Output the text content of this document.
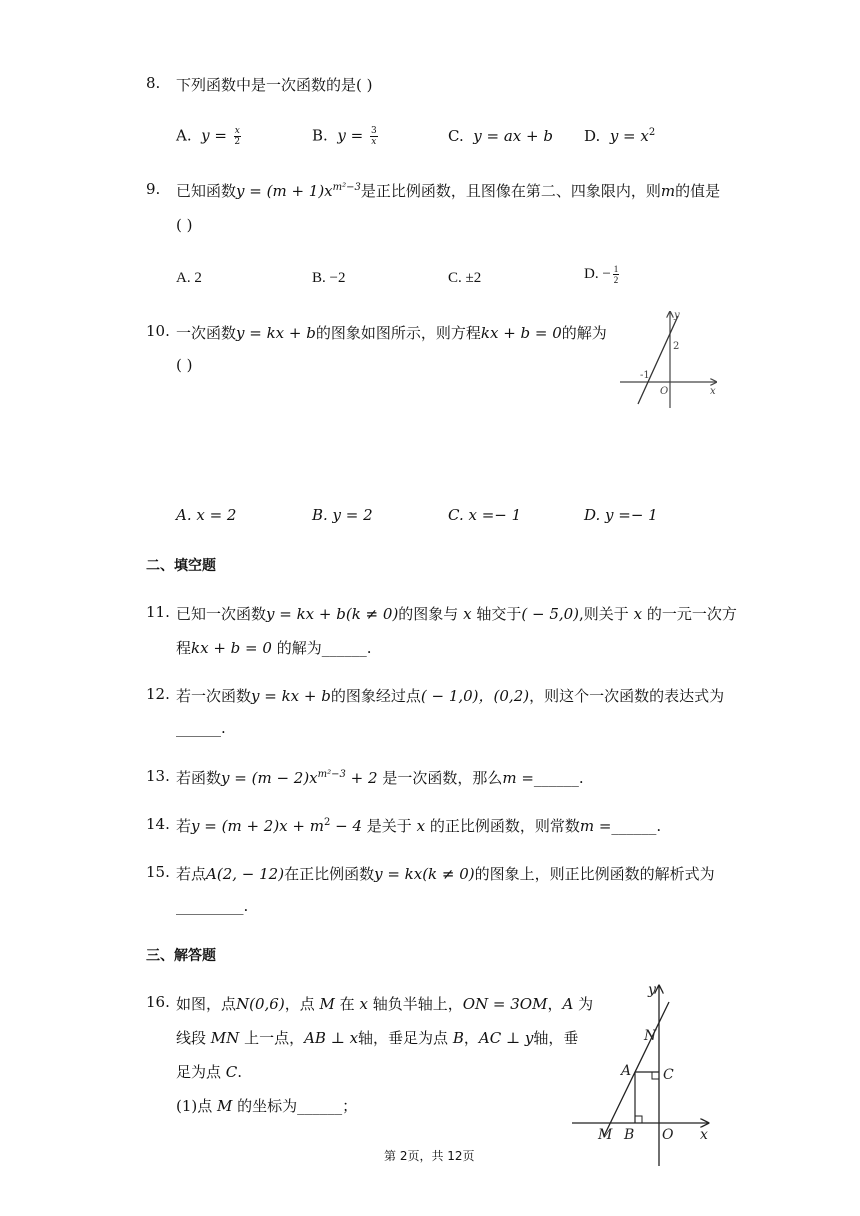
8. 下列函数中是一次函数的是( )
A. $y = \frac{x}{2}$	B. $y = \frac{3}{x}$	C. y = ax + b D. $y = x^2$
9. 已知函数$y = (m + 1)x^{m^2-3}$是正比例函数，且图像在第二、四象限内，则m的值是
( )
A. 2	B. −2	C. ±2	D. − $\frac{1}{2}$
10. 一次函数y = kx + b的图象如图所示，则方程kx + b = 0的解为
( )
y
x
O
2
-1
A. x = 2	B. y = 2	C. x =− 1	D. y =− 1
二、填空题
11. 已知一次函数y = kx + b(k ≠ 0)的图象与 x 轴交于( − 5,0),则关于 x 的一元一次方
程kx + b = 0 的解为______.
12. 若一次函数y = kx + b的图象经过点( − 1,0)，(0,2)，则这个一次函数的表达式为
______.
13. 若函数$y = (m - 2)x^{m^2-3} + 2$ 是一次函数，那么m =______.
14. 若$y = (m + 2)x + m^2 - 4$ 是关于 x 的正比例函数，则常数m =______.
15. 若点A(2, − 12)在正比例函数y = kx(k ≠ 0)的图象上，则正比例函数的解析式为
_________.
三、解答题
16. 如图，点N(0,6)，点 M 在 x 轴负半轴上，ON = 3OM，A 为
线段 MN 上一点，AB ⊥ x轴，垂足为点 B，AC ⊥ y轴，垂
足为点 C.
(1)点 M 的坐标为______；
y
x
O
N
A C
M B
第 2页，共 12页
